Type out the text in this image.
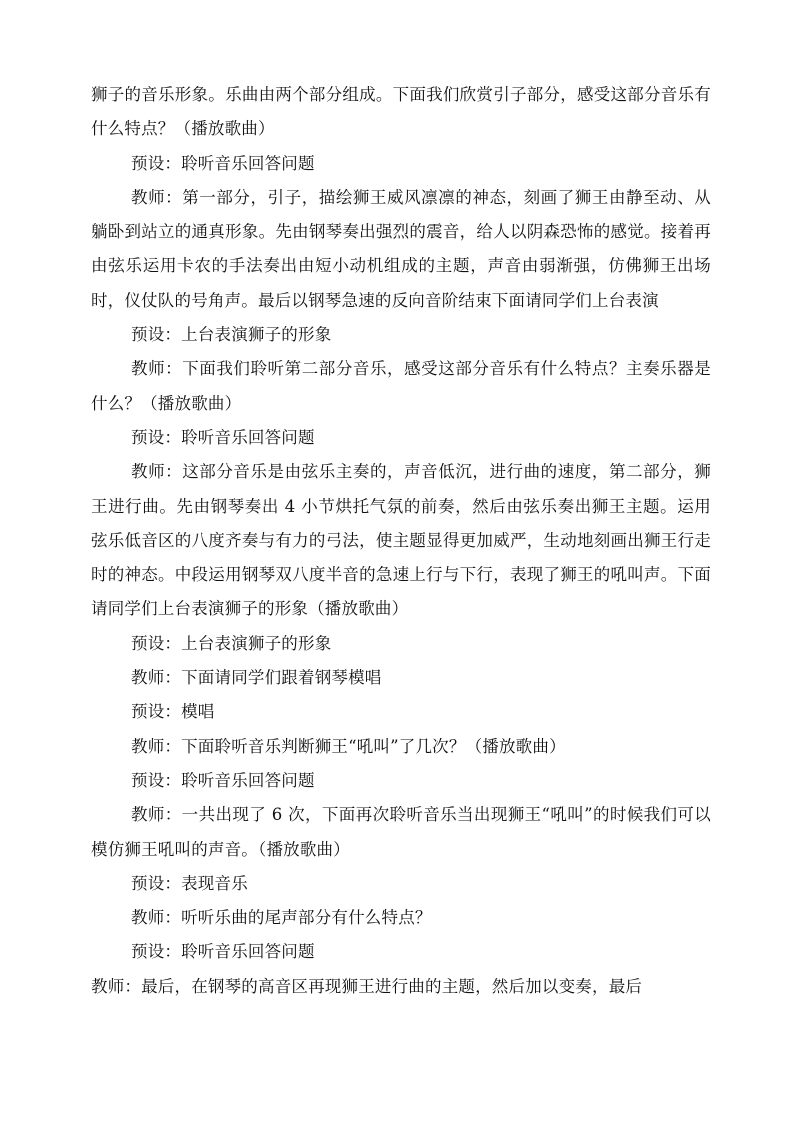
狮子的音乐形象。乐曲由两个部分组成。下面我们欣赏引子部分，感受这部分音乐有什么特点？（播放歌曲）

预设：聆听音乐回答问题

教师：第一部分，引子，描绘狮王威风凛凛的神态，刻画了狮王由静至动、从躺卧到站立的通真形象。先由钢琴奏出强烈的震音，给人以阴森恐怖的感觉。接着再由弦乐运用卡农的手法奏出由短小动机组成的主题，声音由弱渐强，仿佛狮王出场时，仪仗队的号角声。最后以钢琴急速的反向音阶结束下面请同学们上台表演

预设：上台表演狮子的形象

教师：下面我们聆听第二部分音乐，感受这部分音乐有什么特点？主奏乐器是什么？（播放歌曲）

预设：聆听音乐回答问题

教师：这部分音乐是由弦乐主奏的，声音低沉，进行曲的速度，第二部分，狮王进行曲。先由钢琴奏出 4 小节烘托气氛的前奏，然后由弦乐奏出狮王主题。运用弦乐低音区的八度齐奏与有力的弓法，使主题显得更加威严，生动地刻画出狮王行走时的神态。中段运用钢琴双八度半音的急速上行与下行，表现了狮王的吼叫声。下面请同学们上台表演狮子的形象（播放歌曲）

预设：上台表演狮子的形象

教师：下面请同学们跟着钢琴模唱

预设：模唱

教师：下面聆听音乐判断狮王“吼叫”了几次？（播放歌曲）

预设：聆听音乐回答问题

教师：一共出现了 6 次，下面再次聆听音乐当出现狮王“吼叫”的时候我们可以模仿狮王吼叫的声音。（播放歌曲）

预设：表现音乐

教师：听听乐曲的尾声部分有什么特点？

预设：聆听音乐回答问题

教师：最后，在钢琴的高音区再现狮王进行曲的主题，然后加以变奏，最后
